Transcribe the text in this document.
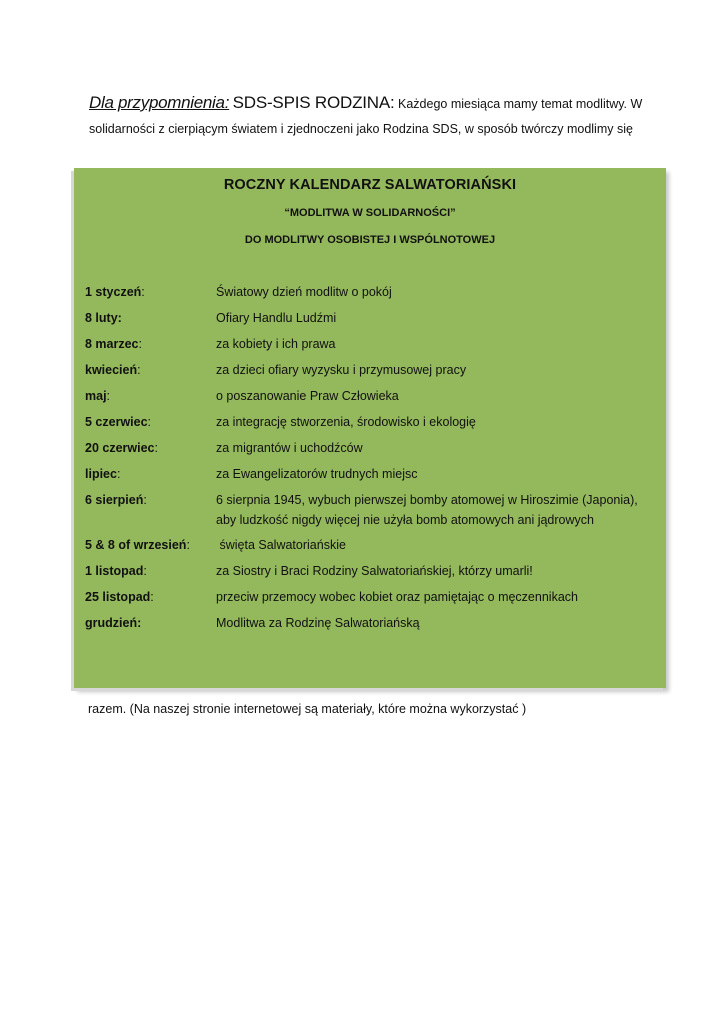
Dla przypomnienia: SDS-SPIS RODZINA: Każdego miesiąca mamy temat modlitwy. W
solidarności z cierpiącym światem i zjednoczeni jako Rodzina SDS, w sposób twórczy modlimy się
ROCZNY KALENDARZ SALWATORIAŃSKI
“MODLITWA W SOLIDARNOŚCI”
DO MODLITWY OSOBISTEJ I WSPÓLNOTOWEJ
1 styczeń:	Światowy dzień modlitw o pokój
8 luty:	Ofiary Handlu Ludźmi
8 marzec:	za kobiety i ich prawa
kwiecień:	za dzieci ofiary wyzysku i przymusowej pracy
maj:	o poszanowanie Praw Człowieka
5 czerwiec:	za integrację stworzenia, środowisko i ekologię
20 czerwiec:	za migrantów i uchodźców
lipiec:	za Ewangelizatorów trudnych miejsc
6 sierpień:	6 sierpnia 1945, wybuch pierwszej bomby atomowej w Hiroszimie (Japonia),
aby ludzkość nigdy więcej nie użyła bomb atomowych ani jądrowych
5 & 8 of wrzesień:	święta Salwatoriańskie
1 listopad:	za Siostry i Braci Rodziny Salwatoriańskiej, którzy umarli!
25 listopad:	przeciw przemocy wobec kobiet oraz pamiętając o męczennikach
grudzień:	Modlitwa za Rodzinę Salwatoriańską
razem. (Na naszej stronie internetowej są materiały, które można wykorzystać )
